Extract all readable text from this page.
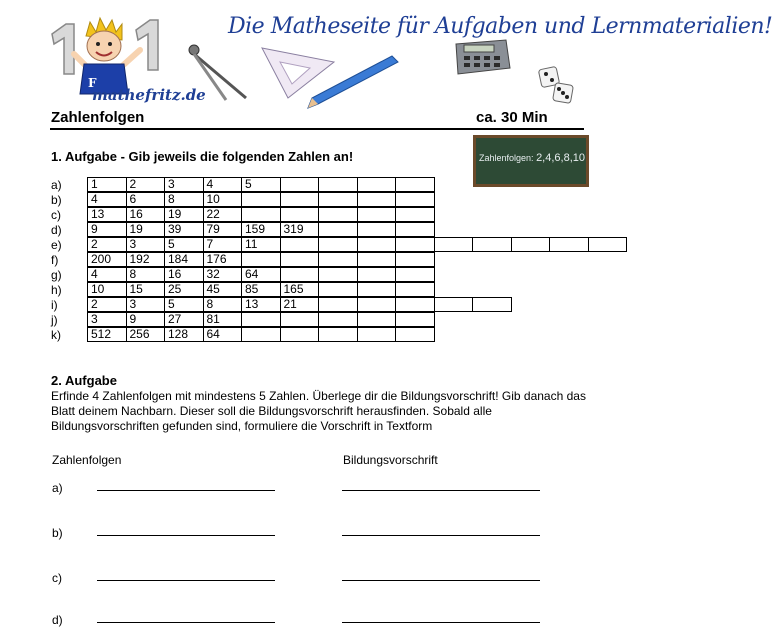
F
Die Matheseite für Aufgaben und Lernmaterialien!
mathefritz.de
Zahlenfolgen	ca. 30 Min
Zahlenfolgen: 2,4,6,8,10
1. Aufgabe - Gib jeweils die folgenden Zahlen an!
a)	1	2	3	4	5
b)	4	6	8	10
c)	13	16	19	22
d)	9	19	39	79	159	319
e)	2	3	5	7	11
f)	200	192	184	176
g)	4	8	16	32	64
h)	10	15	25	45	85	165
i)	2	3	5	8	13	21
j)	3	9	27	81
k)	512	256	128	64
2. Aufgabe
Erfinde 4 Zahlenfolgen mit mindestens 5 Zahlen. Überlege dir die Bildungsvorschrift! Gib danach das Blatt deinem Nachbarn. Dieser soll die Bildungsvorschrift herausfinden. Sobald alle Bildungsvorschriften gefunden sind, formuliere die Vorschrift in Textform
Zahlenfolgen	Bildungsvorschrift
a)
b)
c)
d)
